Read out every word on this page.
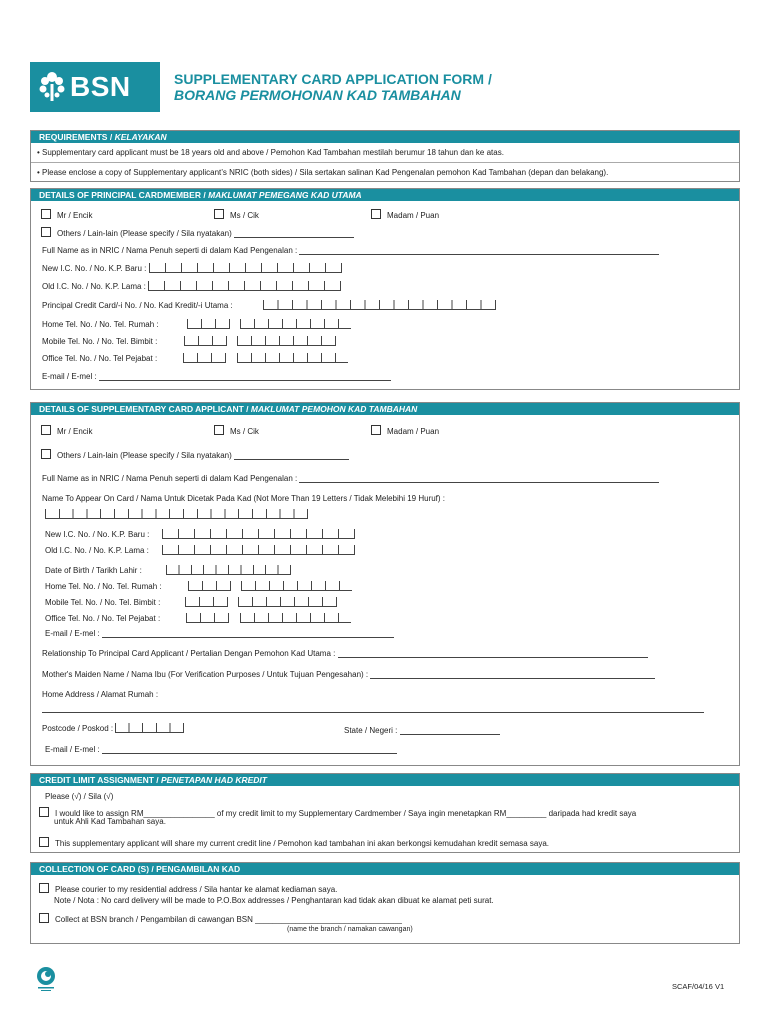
BSN	SUPPLEMENTARY CARD APPLICATION FORM /
BORANG PERMOHONAN KAD TAMBAHAN
REQUIREMENTS / KELAYAKAN
• Supplementary card applicant must be 18 years old and above / Pemohon Kad Tambahan mestilah berumur 18 tahun dan ke atas.
• Please enclose a copy of Supplementary applicant’s NRIC (both sides) / Sila sertakan salinan Kad Pengenalan pemohon Kad Tambahan (depan dan belakang).
DETAILS OF PRINCIPAL CARDMEMBER / MAKLUMAT PEMEGANG KAD UTAMA
Mr / Encik	Ms / Cik	Madam / Puan
Others / Lain-lain (Please specify / Sila nyatakan)
Full Name as in NRIC / Nama Penuh seperti di dalam Kad Pengenalan :
New I.C. No. / No. K.P. Baru :
Old I.C. No. / No. K.P. Lama :
Principal Credit Card/-i No. / No. Kad Kredit/-i Utama :
Home Tel. No. / No. Tel. Rumah :
Mobile Tel. No. / No. Tel. Bimbit :
Office Tel. No. / No. Tel Pejabat :
E-mail / E-mel :
DETAILS OF SUPPLEMENTARY CARD APPLICANT / MAKLUMAT PEMOHON KAD TAMBAHAN
Mr / Encik	Ms / Cik	Madam / Puan
Others / Lain-lain (Please specify / Sila nyatakan)
Full Name as in NRIC / Nama Penuh seperti di dalam Kad Pengenalan :
Name To Appear On Card / Nama Untuk Dicetak Pada Kad (Not More Than 19 Letters / Tidak Melebihi 19 Huruf) :
New I.C. No. / No. K.P. Baru :
Old I.C. No. / No. K.P. Lama :
Date of Birth / Tarikh Lahir :
Home Tel. No. / No. Tel. Rumah :
Mobile Tel. No. / No. Tel. Bimbit :
Office Tel. No. / No. Tel Pejabat :
E-mail / E-mel :
Relationship To Principal Card Applicant / Pertalian Dengan Pemohon Kad Utama :
Mother's Maiden Name / Nama Ibu (For Verification Purposes / Untuk Tujuan Pengesahan) :
Home Address / Alamat Rumah :
Postcode / Poskod :	State / Negeri :
E-mail / E-mel :
CREDIT LIMIT ASSIGNMENT / PENETAPAN HAD KREDIT
Please (√) / Sila (√)
I would like to assign RM________________ of my credit limit to my Supplementary Cardmember / Saya ingin menetapkan RM_________ daripada had kredit saya
untuk Ahli Kad Tambahan saya.
This supplementary applicant will share my current credit line / Pemohon kad tambahan ini akan berkongsi kemudahan kredit semasa saya.
COLLECTION OF CARD (S) / PENGAMBILAN KAD
Please courier to my residential address / Sila hantar ke alamat kediaman saya.
Note / Nota : No card delivery will be made to P.O.Box addresses / Penghantaran kad tidak akan dibuat ke alamat peti surat.
Collect at BSN branch / Pengambilan di cawangan BSN _________________________________
(name the branch / namakan cawangan)
SCAF/04/16 V1
